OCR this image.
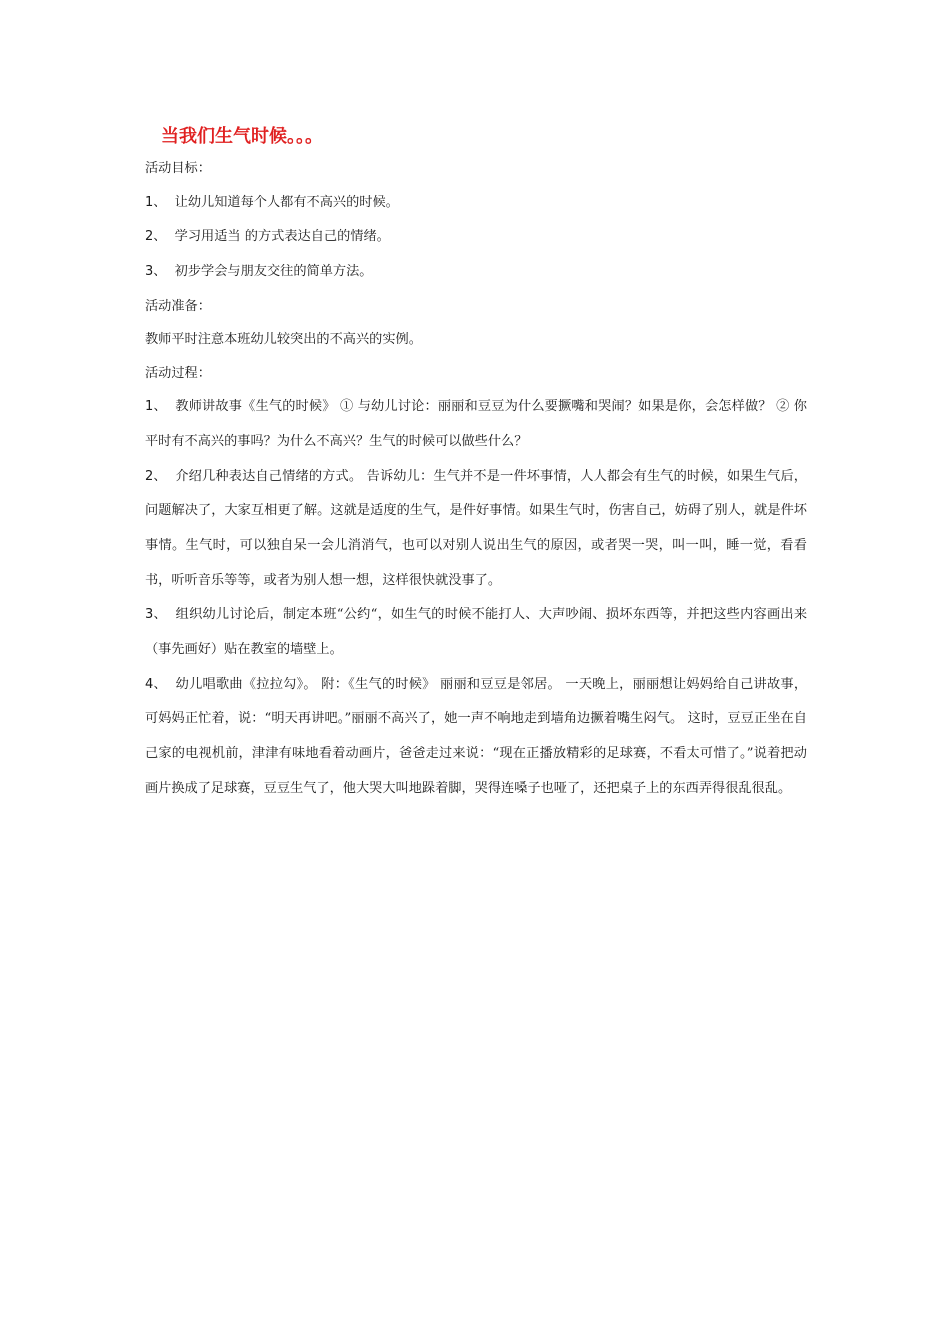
当我们生气时候。。。

活动目标：

1、 让幼儿知道每个人都有不高兴的时候。

2、 学习用适当 的方式表达自己的情绪。

3、 初步学会与朋友交往的简单方法。

活动准备：

教师平时注意本班幼儿较突出的不高兴的实例。

活动过程：

1、 教师讲故事《生气的时候》 ① 与幼儿讨论：丽丽和豆豆为什么要撅嘴和哭闹？如果是你，会怎样做？ ② 你平时有不高兴的事吗？为什么不高兴？生气的时候可以做些什么？

2、 介绍几种表达自己情绪的方式。 告诉幼儿：生气并不是一件坏事情，人人都会有生气的时候，如果生气后，问题解决了，大家互相更了解。这就是适度的生气，是件好事情。如果生气时，伤害自己，妨碍了别人，就是件坏事情。生气时，可以独自呆一会儿消消气，也可以对别人说出生气的原因，或者哭一哭，叫一叫，睡一觉，看看书，听听音乐等等，或者为别人想一想，这样很快就没事了。

3、 组织幼儿讨论后，制定本班“公约“，如生气的时候不能打人、大声吵闹、损坏东西等，并把这些内容画出来（事先画好）贴在教室的墙壁上。

4、 幼儿唱歌曲《拉拉勾》。 附：《生气的时候》 丽丽和豆豆是邻居。 一天晚上，丽丽想让妈妈给自己讲故事，可妈妈正忙着，说：“明天再讲吧。”丽丽不高兴了，她一声不响地走到墙角边撅着嘴生闷气。 这时，豆豆正坐在自己家的电视机前，津津有味地看着动画片，爸爸走过来说：“现在正播放精彩的足球赛，不看太可惜了。”说着把动画片换成了足球赛，豆豆生气了，他大哭大叫地跺着脚，哭得连嗓子也哑了，还把桌子上的东西弄得很乱很乱。
